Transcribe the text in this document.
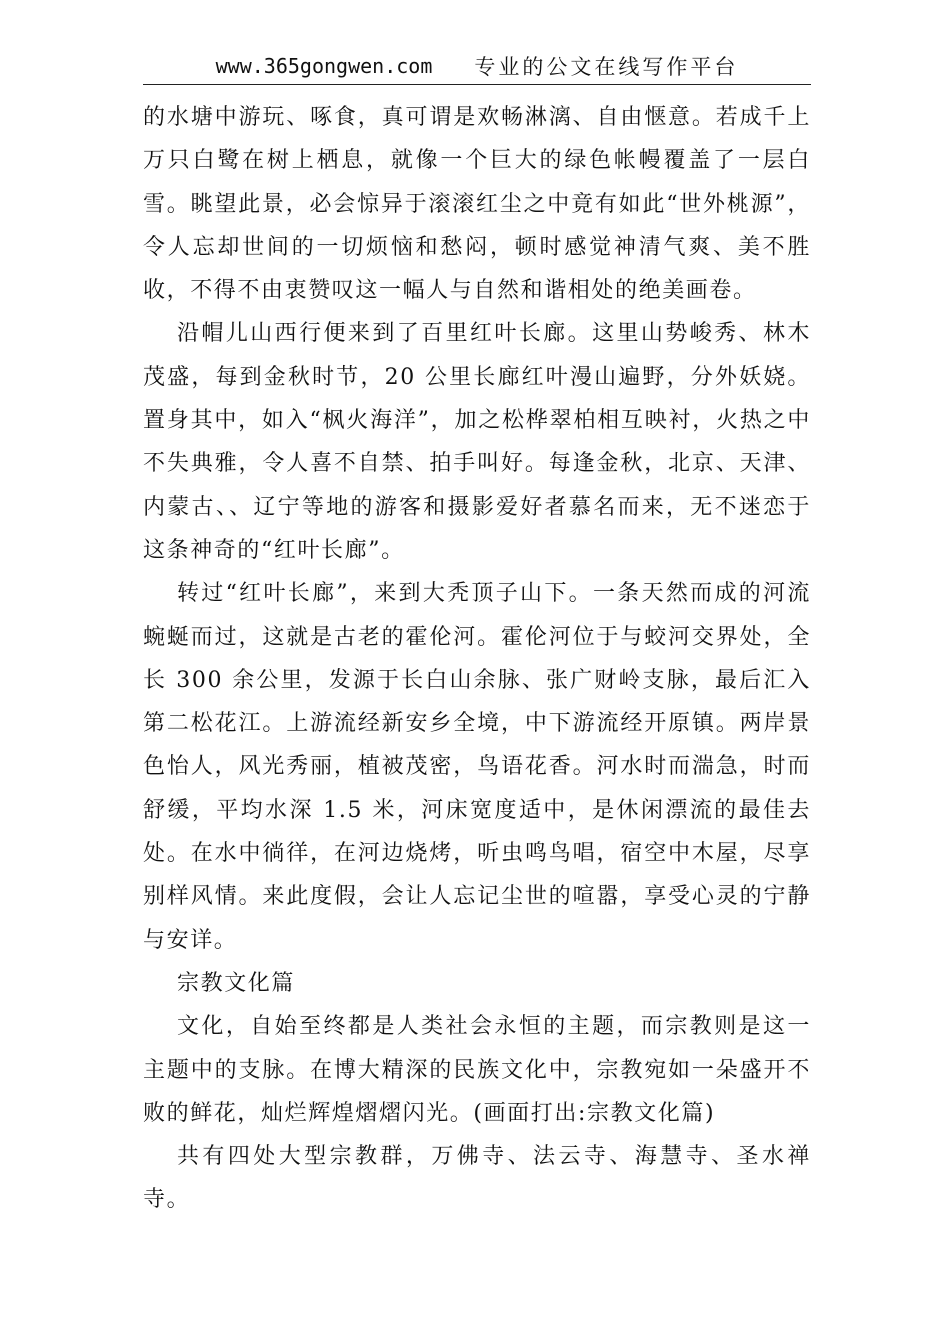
www.365gongwen.com 专业的公文在线写作平台

的水塘中游玩、啄食，真可谓是欢畅淋漓、自由惬意。若成千上万只白鹭在树上栖息，就像一个巨大的绿色帐幔覆盖了一层白雪。眺望此景，必会惊异于滚滚红尘之中竟有如此“世外桃源”，令人忘却世间的一切烦恼和愁闷，顿时感觉神清气爽、美不胜收，不得不由衷赞叹这一幅人与自然和谐相处的绝美画卷。

沿帽儿山西行便来到了百里红叶长廊。这里山势峻秀、林木茂盛，每到金秋时节，20 公里长廊红叶漫山遍野，分外妖娆。置身其中，如入“枫火海洋”，加之松桦翠柏相互映衬，火热之中不失典雅，令人喜不自禁、拍手叫好。每逢金秋，北京、天津、内蒙古、、辽宁等地的游客和摄影爱好者慕名而来，无不迷恋于这条神奇的“红叶长廊”。

转过“红叶长廊”，来到大秃顶子山下。一条天然而成的河流蜿蜒而过，这就是古老的霍伦河。霍伦河位于与蛟河交界处，全长 300 余公里，发源于长白山余脉、张广财岭支脉，最后汇入第二松花江。上游流经新安乡全境，中下游流经开原镇。两岸景色怡人，风光秀丽，植被茂密，鸟语花香。河水时而湍急，时而舒缓，平均水深 1.5 米，河床宽度适中，是休闲漂流的最佳去处。在水中徜徉，在河边烧烤，听虫鸣鸟唱，宿空中木屋，尽享别样风情。来此度假，会让人忘记尘世的喧嚣，享受心灵的宁静与安详。

宗教文化篇

文化，自始至终都是人类社会永恒的主题，而宗教则是这一主题中的支脉。在博大精深的民族文化中，宗教宛如一朵盛开不败的鲜花，灿烂辉煌熠熠闪光。(画面打出:宗教文化篇)

共有四处大型宗教群，万佛寺、法云寺、海慧寺、圣水禅寺。
